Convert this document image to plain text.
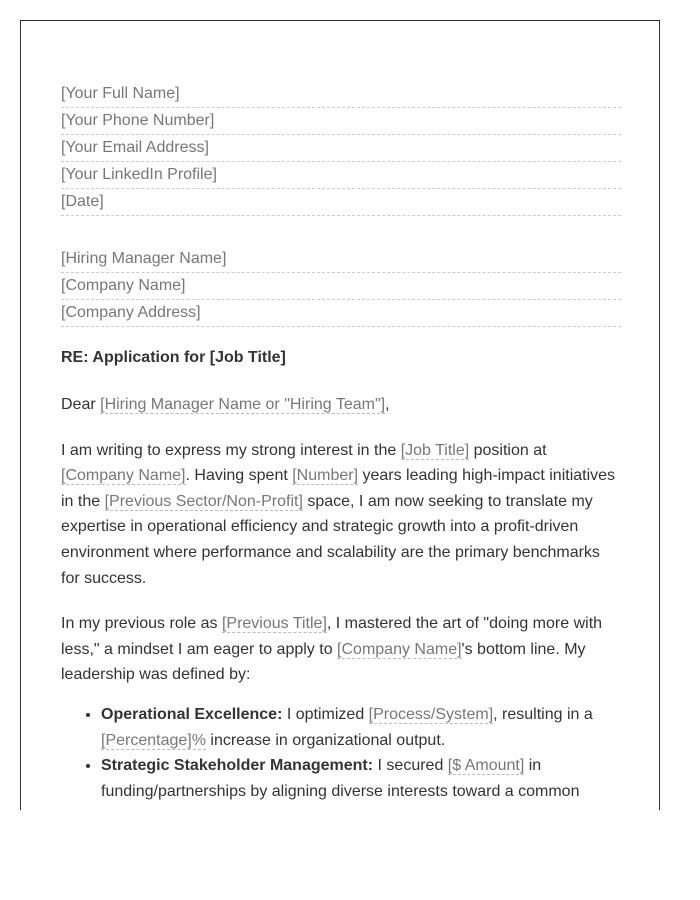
[Your Full Name]
[Your Phone Number]
[Your Email Address]
[Your LinkedIn Profile]
[Date]
[Hiring Manager Name]
[Company Name]
[Company Address]
RE: Application for [Job Title]

Dear [Hiring Manager Name or "Hiring Team"],

I am writing to express my strong interest in the [Job Title] position at [Company Name]. Having spent [Number] years leading high-impact initiatives in the [Previous Sector/Non-Profit] space, I am now seeking to translate my expertise in operational efficiency and strategic growth into a profit-driven environment where performance and scalability are the primary benchmarks for success.

In my previous role as [Previous Title], I mastered the art of "doing more with less," a mindset I am eager to apply to [Company Name]'s bottom line. My leadership was defined by:

• Operational Excellence: I optimized [Process/System], resulting in a [Percentage]% increase in organizational output.
• Strategic Stakeholder Management: I secured [$ Amount] in funding/partnerships by aligning diverse interests toward a common
